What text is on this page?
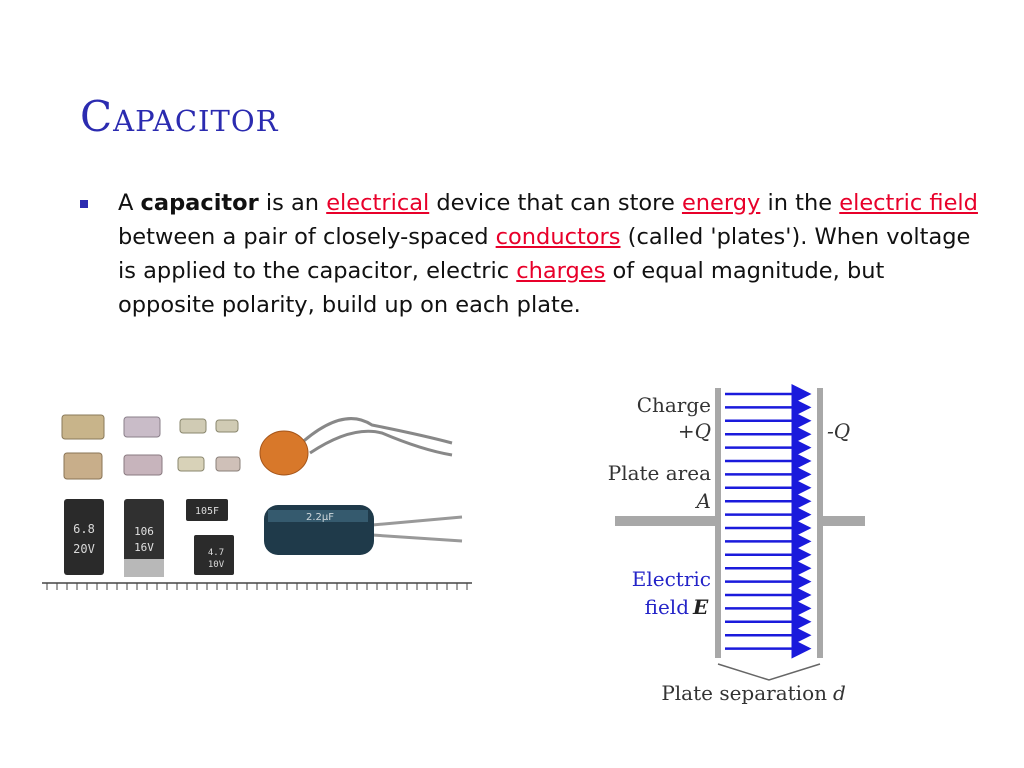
Capacitor

A capacitor is an electrical device that can store energy in the electric field between a pair of closely-spaced conductors (called 'plates'). When voltage is applied to the capacitor, electric charges of equal magnitude, but opposite polarity, build up on each plate.

6.8
20V
106
16V
105F
4.7
10V
2.2µF
Charge
+Q	-Q
Plate area
A
Electric
field E
Plate separation d
